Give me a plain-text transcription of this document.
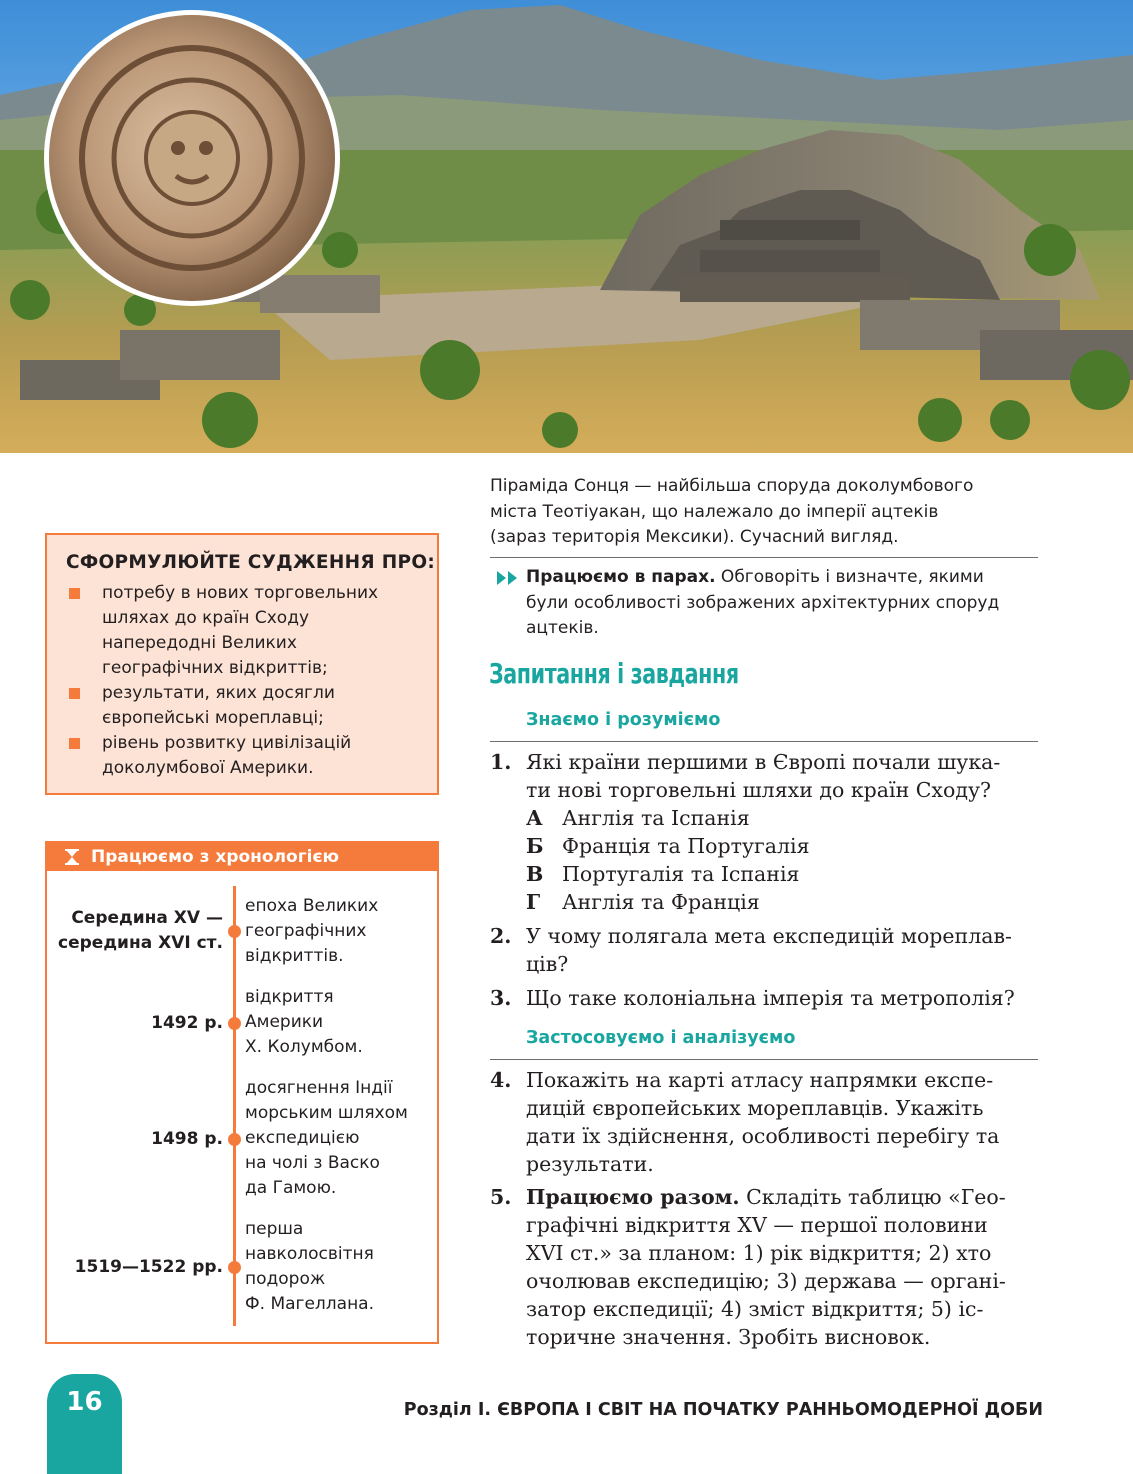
Піраміда Сонця — найбільша споруда доколумбового
міста Теотіуакан, що належало до імперії ацтеків
(зараз територія Мексики). Сучасний вигляд.
Працюємо в парах. Обговоріть і визначте, якими
були особливості зображених архітектурних споруд
ацтеків.
СФОРМУЛЮЙТЕ СУДЖЕННЯ ПРО:
потребу в нових торговельних
шляхах до країн Сходу
напередодні Великих
географічних відкриттів;
результати, яких досягли
європейські мореплавці;
рівень розвитку цивілізацій
доколумбової Америки.
Працюємо з хронологією
Середина XV —
середина XVI ст.
епоха Великих
географічних
відкриттів.
1492 р.
відкриття
Америки
Х. Колумбом.
1498 р.
досягнення Індії
морським шляхом
експедицією
на чолі з Васко
да Гамою.
1519—1522 рр.
перша
навколосвітня
подорож
Ф. Магеллана.
Запитання і завдання
Знаємо і розуміємо
1. Які країни першими в Європі почали шука-
ти нові торговельні шляхи до країн Сходу?
А Англія та Іспанія
Б Франція та Португалія
В Португалія та Іспанія
Г	Англія та Франція
2. У чому полягала мета експедицій мореплав-
ців?
3. Що таке колоніальна імперія та метрополія?
Застосовуємо і аналізуємо
4. Покажіть на карті атласу напрямки експе-
дицій європейських мореплавців. Укажіть
дати їх здійснення, особливості перебігу та
результати.
5. Працюємо разом. Складіть таблицю «Гео-
графічні відкриття XV — першої половини
XVI ст.» за планом: 1) рік відкриття; 2) хто
очолював експедицію; 3) держава — органі-
затор експедиції; 4) зміст відкриття; 5) іс-
торичне значення. Зробіть висновок.
16	Розділ І. ЄВРОПА І СВІТ НА ПОЧАТКУ РАННЬОМОДЕРНОЇ ДОБИ
